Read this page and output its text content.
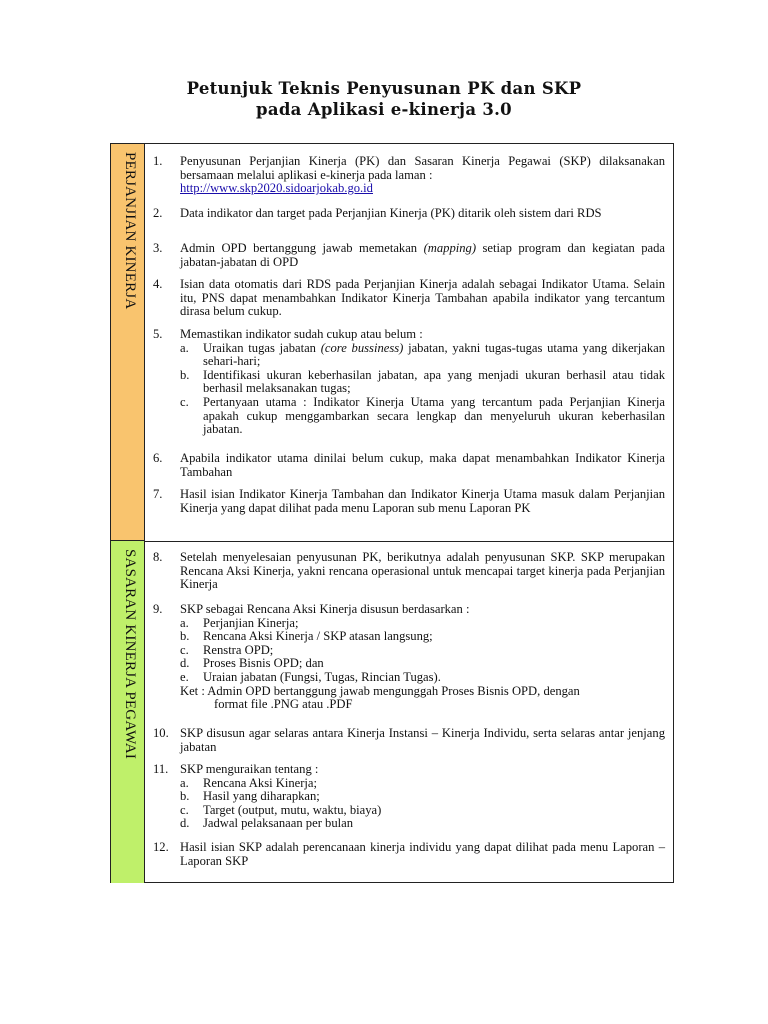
Petunjuk Teknis Penyusunan PK dan SKP
pada Aplikasi e-kinerja 3.0
PERJANJIAN KINERJA
SASARAN KINERJA PEGAWAI
1.	Penyusunan Perjanjian Kinerja (PK) dan Sasaran Kinerja Pegawai (SKP) dilaksanakan bersamaan melalui aplikasi e-kinerja pada laman :
http://www.skp2020.sidoarjokab.go.id
2.	Data indikator dan target pada Perjanjian Kinerja (PK) ditarik oleh sistem dari RDS
3.	Admin OPD bertanggung jawab memetakan (mapping) setiap program dan kegiatan pada jabatan-jabatan di OPD
4.	Isian data otomatis dari RDS pada Perjanjian Kinerja adalah sebagai Indikator Utama. Selain itu, PNS dapat menambahkan Indikator Kinerja Tambahan apabila indikator yang tercantum dirasa belum cukup.
5.	Memastikan indikator sudah cukup atau belum :
a.	Uraikan tugas jabatan (core bussiness) jabatan, yakni tugas-tugas utama yang dikerjakan sehari-hari;
b.	Identifikasi ukuran keberhasilan jabatan, apa yang menjadi ukuran berhasil atau tidak berhasil melaksanakan tugas;
c.	Pertanyaan utama : Indikator Kinerja Utama yang tercantum pada Perjanjian Kinerja apakah cukup menggambarkan secara lengkap dan menyeluruh ukuran keberhasilan jabatan.
6.	Apabila indikator utama dinilai belum cukup, maka dapat menambahkan Indikator Kinerja Tambahan
7.	Hasil isian Indikator Kinerja Tambahan dan Indikator Kinerja Utama masuk dalam Perjanjian Kinerja yang dapat dilihat pada menu Laporan sub menu Laporan PK
8.	Setelah menyelesaian penyusunan PK, berikutnya adalah penyusunan SKP. SKP merupakan Rencana Aksi Kinerja, yakni rencana operasional untuk mencapai target kinerja pada Perjanjian Kinerja
9.	SKP sebagai Rencana Aksi Kinerja disusun berdasarkan :
a.	Perjanjian Kinerja;
b.	Rencana Aksi Kinerja / SKP atasan langsung;
c.	Renstra OPD;
d.	Proses Bisnis OPD; dan
e.	Uraian jabatan (Fungsi, Tugas, Rincian Tugas).
Ket : Admin OPD bertanggung jawab mengunggah Proses Bisnis OPD, dengan
format file .PNG atau .PDF
10. SKP disusun agar selaras antara Kinerja Instansi – Kinerja Individu, serta selaras antar jenjang jabatan
11. SKP menguraikan tentang :
a.	Rencana Aksi Kinerja;
b.	Hasil yang diharapkan;
c.	Target (output, mutu, waktu, biaya)
d.	Jadwal pelaksanaan per bulan
12. Hasil isian SKP adalah perencanaan kinerja individu yang dapat dilihat pada menu Laporan – Laporan SKP
